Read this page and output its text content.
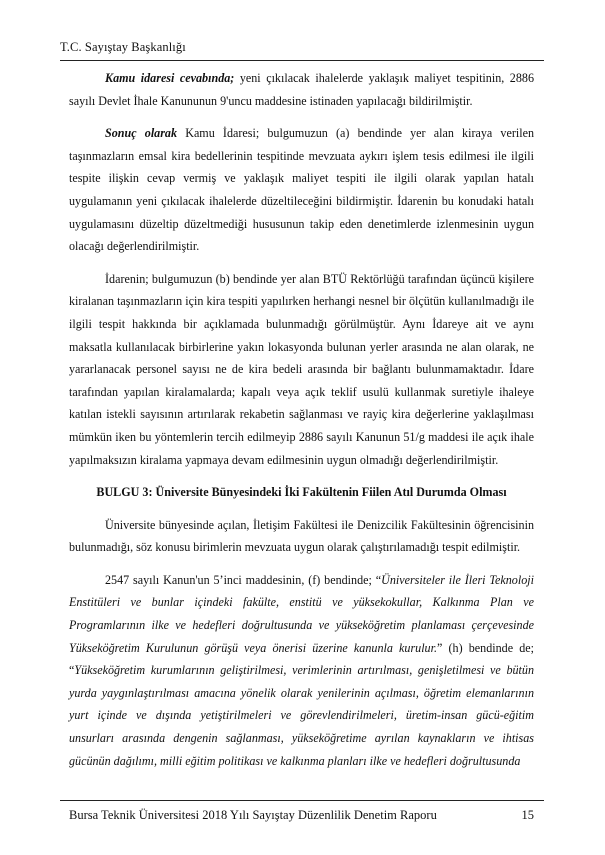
T.C. Sayıştay Başkanlığı

Kamu idaresi cevabında; yeni çıkılacak ihalelerde yaklaşık maliyet tespitinin, 2886 sayılı Devlet İhale Kanununun 9'uncu maddesine istinaden yapılacağı bildirilmiştir.

Sonuç olarak Kamu İdaresi; bulgumuzun (a) bendinde yer alan kiraya verilen taşınmazların emsal kira bedellerinin tespitinde mevzuata aykırı işlem tesis edilmesi ile ilgili tespite ilişkin cevap vermiş ve yaklaşık maliyet tespiti ile ilgili olarak yapılan hatalı uygulamanın yeni çıkılacak ihalelerde düzeltileceğini bildirmiştir. İdarenin bu konudaki hatalı uygulamasını düzeltip düzeltmediği hususunun takip eden denetimlerde izlenmesinin uygun olacağı değerlendirilmiştir.

İdarenin; bulgumuzun (b) bendinde yer alan BTÜ Rektörlüğü tarafından üçüncü kişilere kiralanan taşınmazların için kira tespiti yapılırken herhangi nesnel bir ölçütün kullanılmadığı ile ilgili tespit hakkında bir açıklamada bulunmadığı görülmüştür. Aynı İdareye ait ve aynı maksatla kullanılacak birbirlerine yakın lokasyonda bulunan yerler arasında ne alan olarak, ne yararlanacak personel sayısı ne de kira bedeli arasında bir bağlantı bulunmamaktadır. İdare tarafından yapılan kiralamalarda; kapalı veya açık teklif usulü kullanmak suretiyle ihaleye katılan istekli sayısının artırılarak rekabetin sağlanması ve rayiç kira değerlerine yaklaşılması mümkün iken bu yöntemlerin tercih edilmeyip 2886 sayılı Kanunun 51/g maddesi ile açık ihale yapılmaksızın kiralama yapmaya devam edilmesinin uygun olmadığı değerlendirilmiştir.

BULGU 3: Üniversite Bünyesindeki İki Fakültenin Fiilen Atıl Durumda Olması

Üniversite bünyesinde açılan, İletişim Fakültesi ile Denizcilik Fakültesinin öğrencisinin bulunmadığı, söz konusu birimlerin mevzuata uygun olarak çalıştırılamadığı tespit edilmiştir.

2547 sayılı Kanun'un 5’inci maddesinin, (f) bendinde; “Üniversiteler ile İleri Teknoloji Enstitüleri ve bunlar içindeki fakülte, enstitü ve yüksekokullar, Kalkınma Plan ve Programlarının ilke ve hedefleri doğrultusunda ve yükseköğretim planlaması çerçevesinde Yükseköğretim Kurulunun görüşü veya önerisi üzerine kanunla kurulur.” (h) bendinde de; “Yükseköğretim kurumlarının geliştirilmesi, verimlerinin artırılması, genişletilmesi ve bütün yurda yaygınlaştırılması amacına yönelik olarak yenilerinin açılması, öğretim elemanlarının yurt içinde ve dışında yetiştirilmeleri ve görevlendirilmeleri, üretim-insan gücü-eğitim unsurları arasında dengenin sağlanması, yükseköğretime ayrılan kaynakların ve ihtisas gücünün dağılımı, milli eğitim politikası ve kalkınma planları ilke ve hedefleri doğrultusunda

Bursa Teknik Üniversitesi 2018 Yılı Sayıştay Düzenlilik Denetim Raporu	15
